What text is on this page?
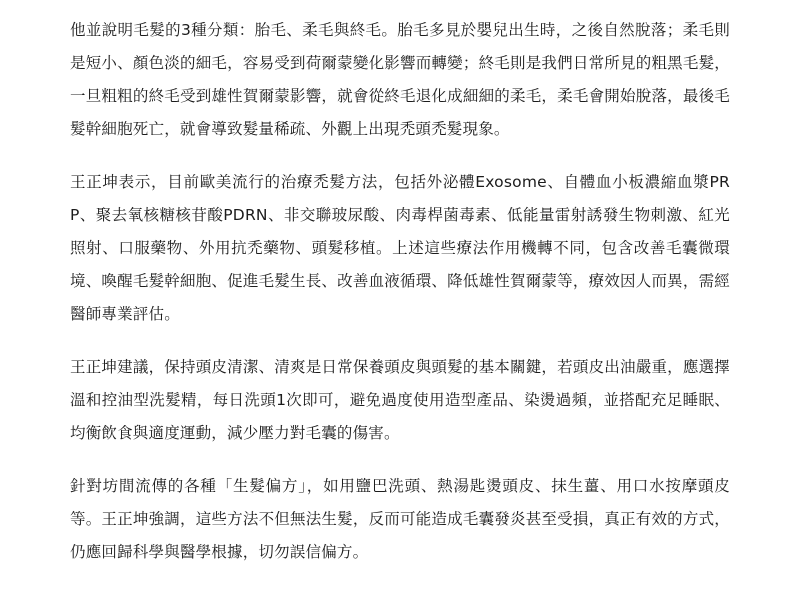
他並說明毛髮的3種分類：胎毛、柔毛與終毛。胎毛多見於嬰兒出生時，之後自然脫落；柔毛則是短小、顏色淡的細毛，容易受到荷爾蒙變化影響而轉變；終毛則是我們日常所見的粗黑毛髮，一旦粗粗的終毛受到雄性賀爾蒙影響，就會從終毛退化成細細的柔毛，柔毛會開始脫落，最後毛髮幹細胞死亡，就會導致髮量稀疏、外觀上出現禿頭禿髮現象。

王正坤表示，目前歐美流行的治療禿髮方法，包括外泌體Exosome、自體血小板濃縮血漿PRP、聚去氧核糖核苷酸PDRN、非交聯玻尿酸、肉毒桿菌毒素、低能量雷射誘發生物刺激、紅光照射、口服藥物、外用抗禿藥物、頭髮移植。上述這些療法作用機轉不同，包含改善毛囊微環境、喚醒毛髮幹細胞、促進毛髮生長、改善血液循環、降低雄性賀爾蒙等，療效因人而異，需經醫師專業評估。

王正坤建議，保持頭皮清潔、清爽是日常保養頭皮與頭髮的基本關鍵，若頭皮出油嚴重，應選擇溫和控油型洗髮精，每日洗頭1次即可，避免過度使用造型產品、染燙過頻，並搭配充足睡眠、均衡飲食與適度運動，減少壓力對毛囊的傷害。

針對坊間流傳的各種「生髮偏方」，如用鹽巴洗頭、熱湯匙燙頭皮、抹生薑、用口水按摩頭皮等。王正坤強調，這些方法不但無法生髮，反而可能造成毛囊發炎甚至受損，真正有效的方式，仍應回歸科學與醫學根據，切勿誤信偏方。
